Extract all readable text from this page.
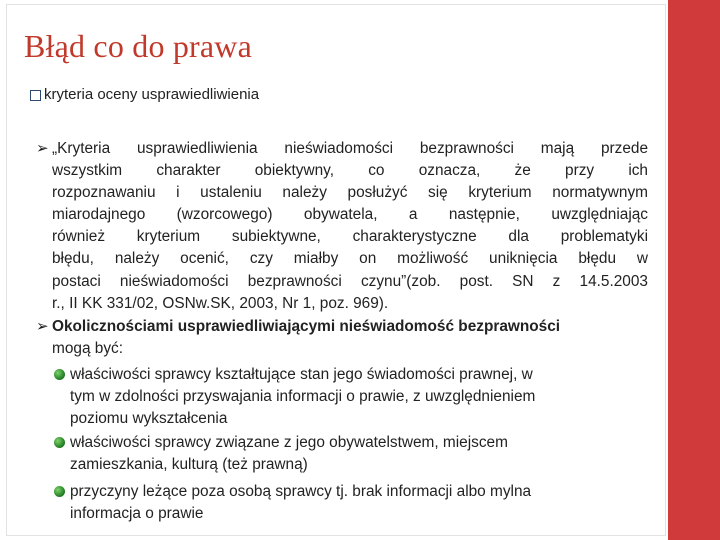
Błąd co do prawa
kryteria oceny usprawiedliwienia
➢ „Kryteria usprawiedliwienia nieświadomości bezprawności mają przede
wszystkim charakter obiektywny, co oznacza, że przy ich
rozpoznawaniu i ustaleniu należy posłużyć się kryterium normatywnym
miarodajnego (wzorcowego) obywatela, a następnie, uwzględniając
również kryterium subiektywne, charakterystyczne dla problematyki
błędu, należy ocenić, czy miałby on możliwość uniknięcia błędu w
postaci nieświadomości bezprawności czynu”(zob. post. SN z 14.5.2003
r., II KK 331/02, OSNw.SK, 2003, Nr 1, poz. 969).
➢ Okolicznościami usprawiedliwiającymi nieświadomość bezprawności
mogą być:
właściwości sprawcy kształtujące stan jego świadomości prawnej, w
tym w zdolności przyswajania informacji o prawie, z uwzględnieniem
poziomu wykształcenia
właściwości sprawcy związane z jego obywatelstwem, miejscem
zamieszkania, kulturą (też prawną)
przyczyny leżące poza osobą sprawcy tj. brak informacji albo mylna
informacja o prawie
